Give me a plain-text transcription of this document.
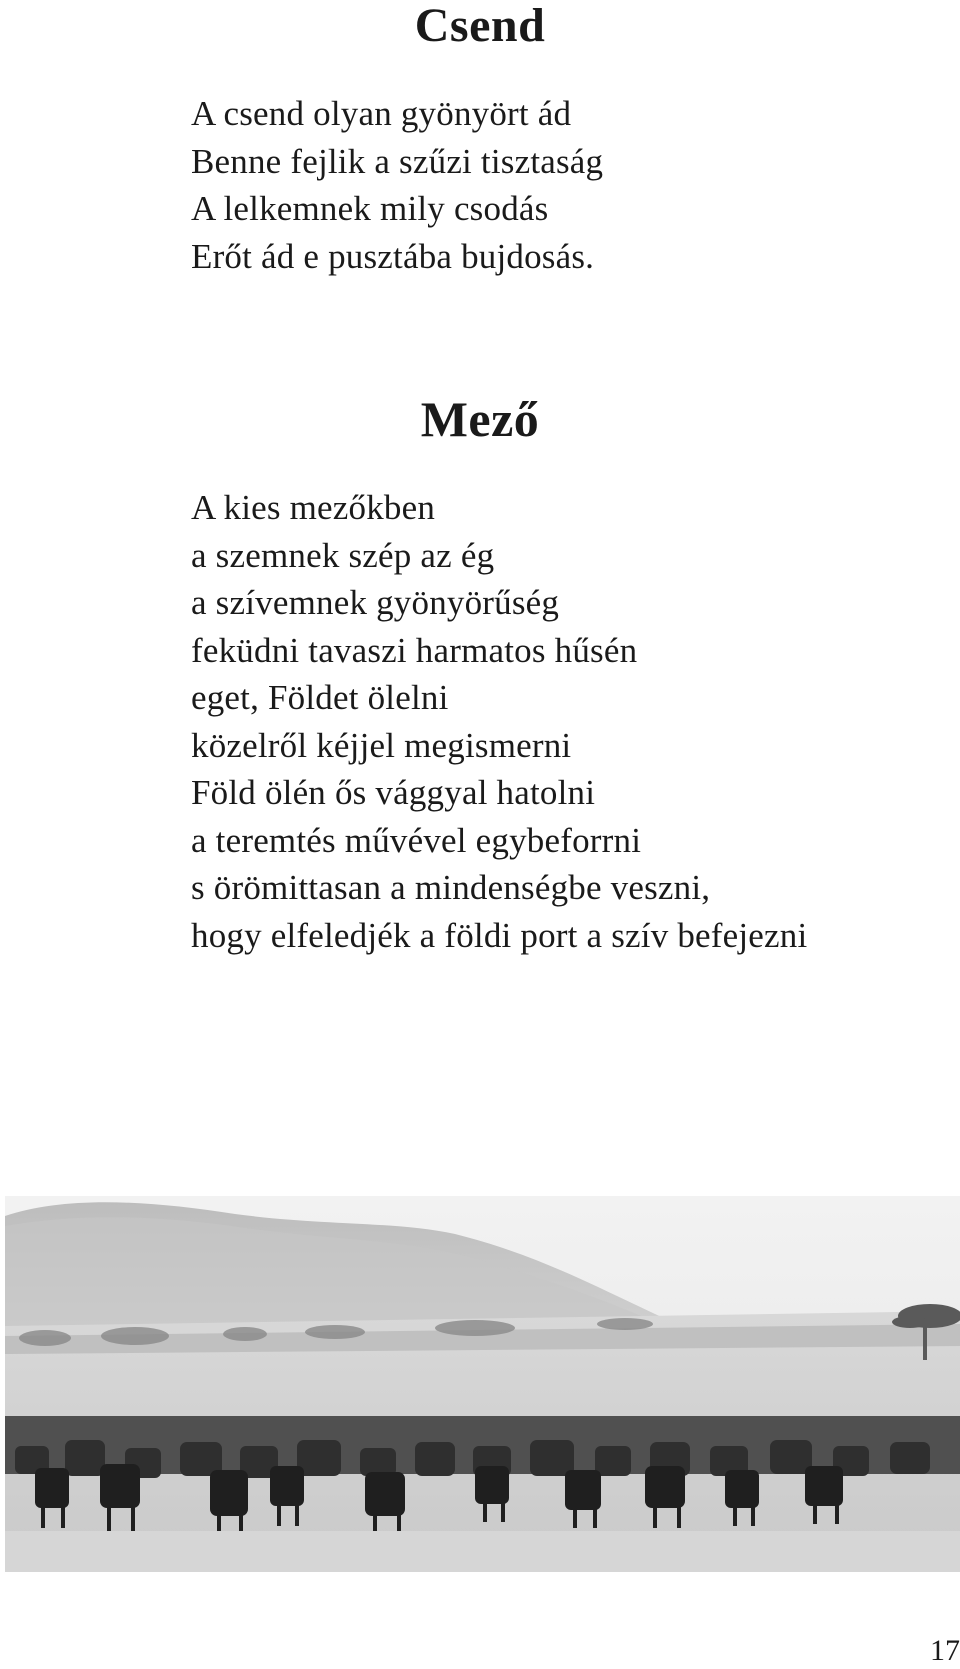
Csend
A csend olyan gyönyört ád
Benne fejlik a szűzi tisztaság
A lelkemnek mily csodás
Erőt ád e pusztába bujdosás.
Mező
A kies mezőkben
a szemnek szép az ég
a szívemnek gyönyörűség
feküdni tavaszi harmatos hűsén
eget, Földet ölelni
közelről kéjjel megismerni
Föld ölén ős vággyal hatolni
a teremtés művével egybeforrni
s örömittasan a mindenségbe veszni,
hogy elfeledjék a földi port a szív befejezni
17
